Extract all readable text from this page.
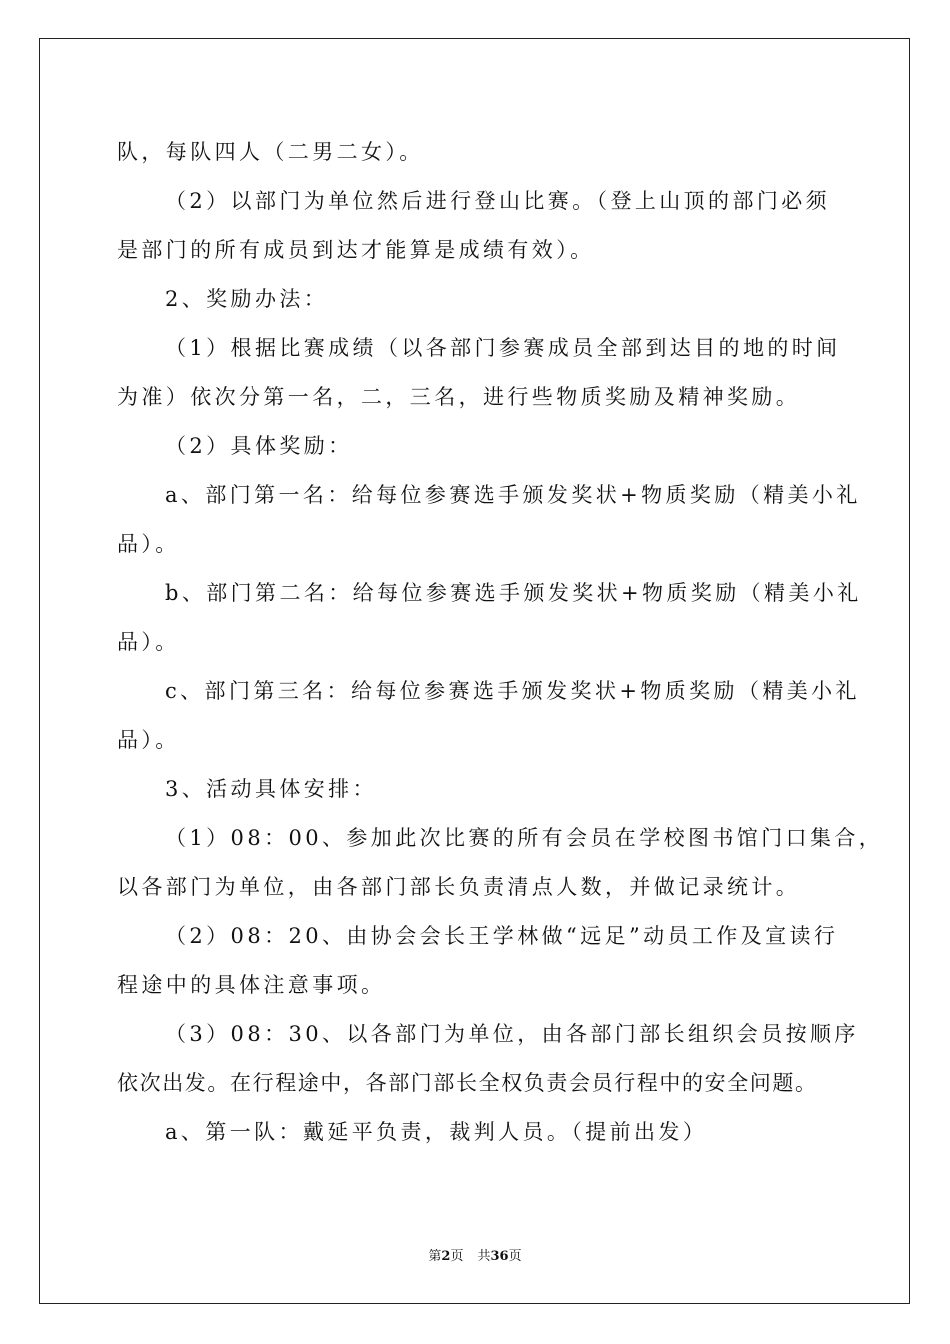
队，每队四人（二男二女）。
（2）以部门为单位然后进行登山比赛。（登上山顶的部门必须
是部门的所有成员到达才能算是成绩有效）。
2、奖励办法：
（1）根据比赛成绩（以各部门参赛成员全部到达目的地的时间
为准）依次分第一名，二，三名，进行些物质奖励及精神奖励。
（2）具体奖励：
a、部门第一名：给每位参赛选手颁发奖状+物质奖励（精美小礼
品）。
b、部门第二名：给每位参赛选手颁发奖状+物质奖励（精美小礼
品）。
c、部门第三名：给每位参赛选手颁发奖状+物质奖励（精美小礼
品）。
3、活动具体安排：
（1）08：00、参加此次比赛的所有会员在学校图书馆门口集合，
以各部门为单位，由各部门部长负责清点人数，并做记录统计。
（2）08：20、由协会会长王学林做“远足”动员工作及宣读行
程途中的具体注意事项。
（3）08：30、以各部门为单位，由各部门部长组织会员按顺序
依次出发。在行程途中，各部门部长全权负责会员行程中的安全问题。
a、第一队：戴延平负责，裁判人员。（提前出发）
第2页 共36页
